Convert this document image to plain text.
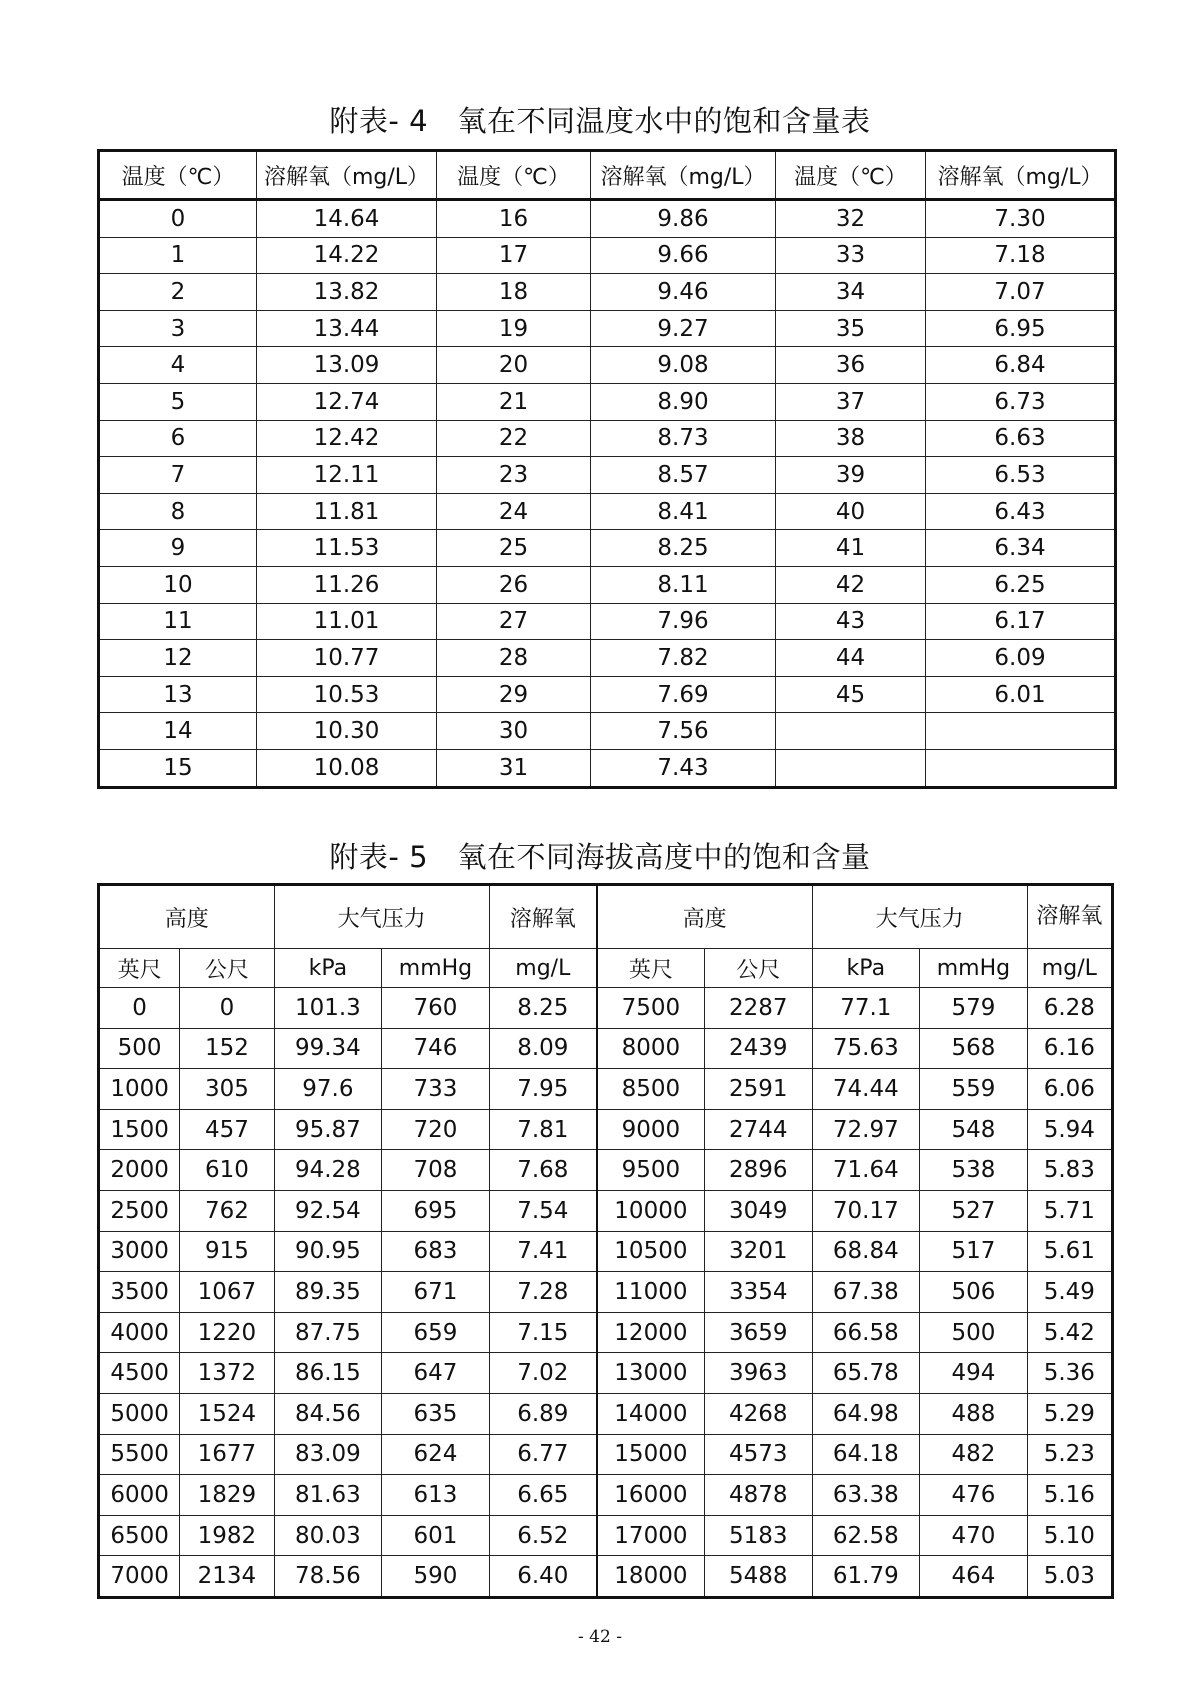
附表- 4　氧在不同温度水中的饱和含量表
温度（℃）	溶解氧（mg/L）	温度（℃）	溶解氧（mg/L）	温度（℃）	溶解氧（mg/L）
0	14.64	16	9.86	32	7.30
1	14.22	17	9.66	33	7.18
2	13.82	18	9.46	34	7.07
3	13.44	19	9.27	35	6.95
4	13.09	20	9.08	36	6.84
5	12.74	21	8.90	37	6.73
6	12.42	22	8.73	38	6.63
7	12.11	23	8.57	39	6.53
8	11.81	24	8.41	40	6.43
9	11.53	25	8.25	41	6.34
10	11.26	26	8.11	42	6.25
11	11.01	27	7.96	43	6.17
12	10.77	28	7.82	44	6.09
13	10.53	29	7.69	45	6.01
14	10.30	30	7.56		
15	10.08	31	7.43		
附表- 5　氧在不同海拔高度中的饱和含量
高度		大气压力		溶解氧	高度		大气压力		溶解氧
英尺	公尺	kPa	mmHg	mg/L	英尺	公尺	kPa	mmHg	mg/L
0	0	101.3	760	8.25	7500	2287	77.1	579	6.28
500	152	99.34	746	8.09	8000	2439	75.63	568	6.16
1000	305	97.6	733	7.95	8500	2591	74.44	559	6.06
1500	457	95.87	720	7.81	9000	2744	72.97	548	5.94
2000	610	94.28	708	7.68	9500	2896	71.64	538	5.83
2500	762	92.54	695	7.54	10000	3049	70.17	527	5.71
3000	915	90.95	683	7.41	10500	3201	68.84	517	5.61
3500	1067	89.35	671	7.28	11000	3354	67.38	506	5.49
4000	1220	87.75	659	7.15	12000	3659	66.58	500	5.42
4500	1372	86.15	647	7.02	13000	3963	65.78	494	5.36
5000	1524	84.56	635	6.89	14000	4268	64.98	488	5.29
5500	1677	83.09	624	6.77	15000	4573	64.18	482	5.23
6000	1829	81.63	613	6.65	16000	4878	63.38	476	5.16
6500	1982	80.03	601	6.52	17000	5183	62.58	470	5.10
7000	2134	78.56	590	6.40	18000	5488	61.79	464	5.03
- 42 -
